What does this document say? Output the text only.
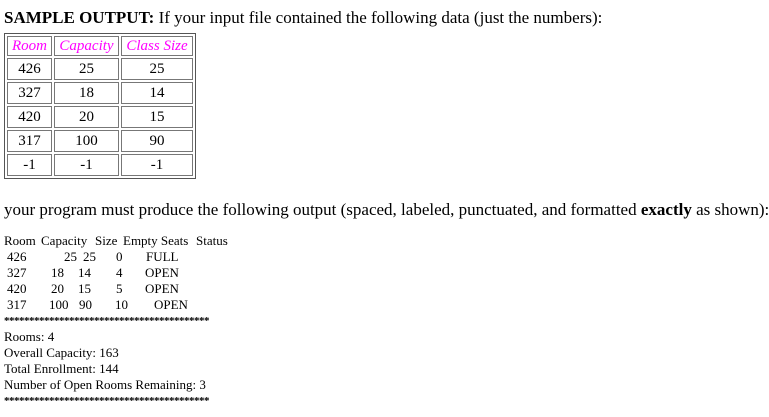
SAMPLE OUTPUT: If your input file contained the following data (just the numbers):
Room	Capacity	Class Size
426	25	25
327	18	14
420	20	15
317	100	90
-1	-1	-1
your program must produce the following output (spaced, labeled, punctuated, and formatted exactly as shown):
Room Capacity Size Empty Seats Status
426	25 25 0 FULL
327 18 14 4 OPEN
420 20 15 5 OPEN
317 100 90 10 OPEN
*****************************************
Rooms: 4
Overall Capacity: 163
Total Enrollment: 144
Number of Open Rooms Remaining: 3
*****************************************
